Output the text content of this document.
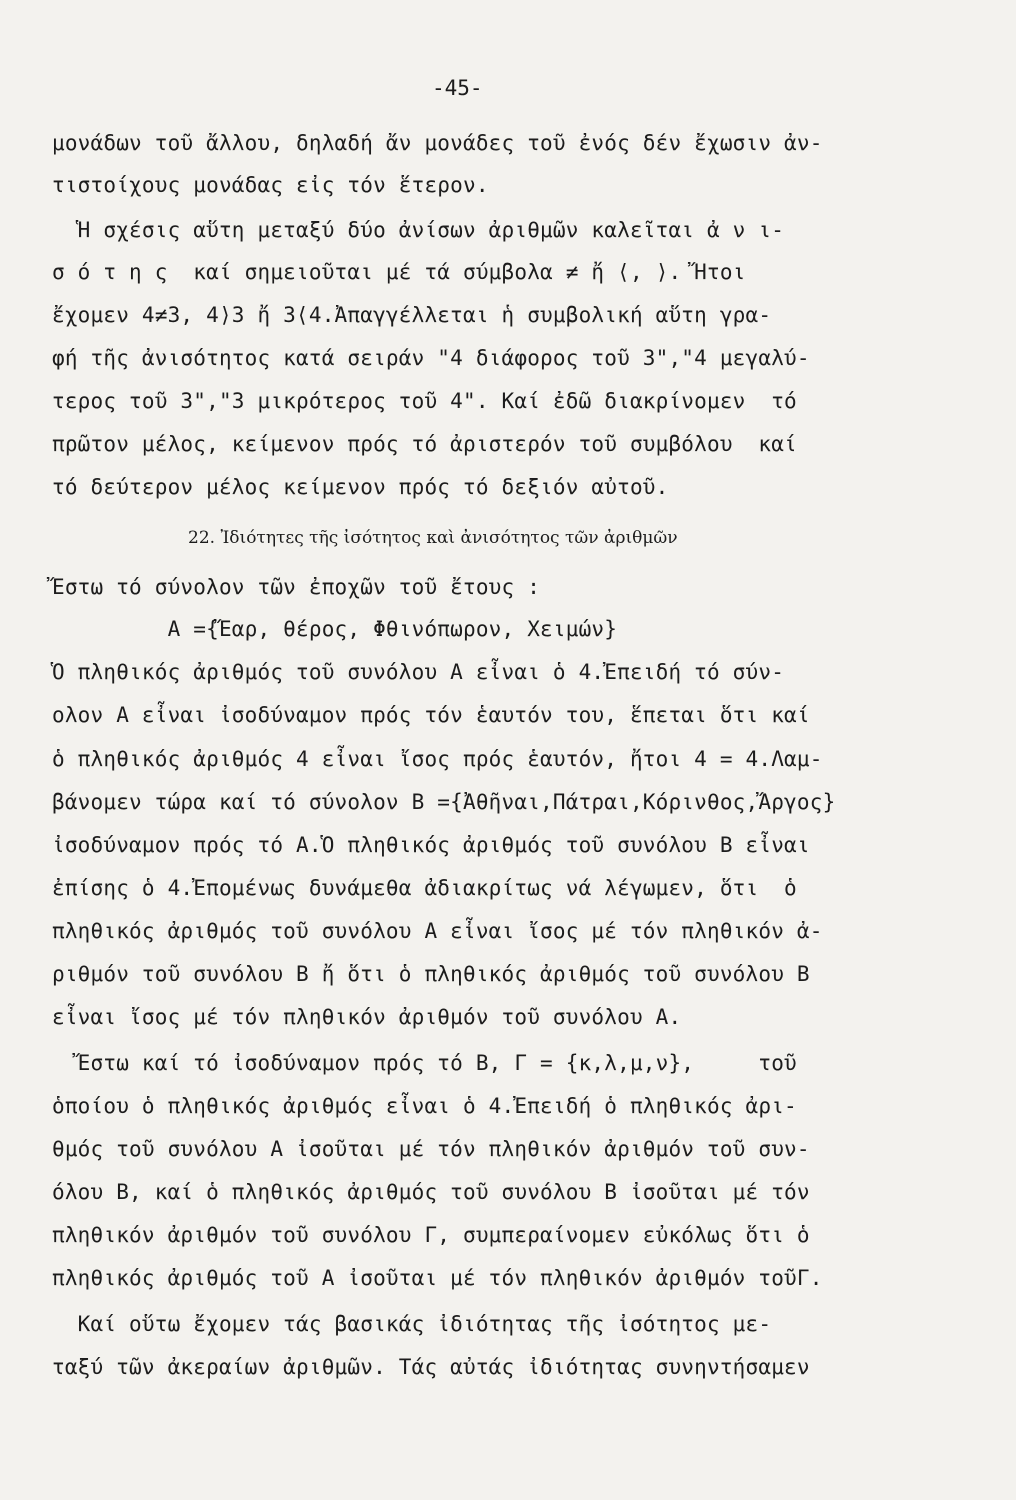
-45-
μονάδων τοῦ ἄλλου, δηλαδή ἄν μονάδες τοῦ ἐνός δέν ἔχωσιν ἀν-
τιστοίχους μονάδας εἰς τόν ἕτερον.
Ἡ σχέσις αὕτη μεταξύ δύο ἀνίσων ἀριθμῶν καλεῖται ἀ ν ι-
σ ό τ η ς  καί σημειοῦται μέ τά σύμβολα ≠ ἤ ⟨, ⟩. Ἤτοι
ἔχομεν 4≠3, 4⟩3 ἤ 3⟨4.Ἀπαγγέλλεται ἡ συμβολική αὕτη γρα-
φή τῆς ἀνισότητος κατά σειράν "4 διάφορος τοῦ 3","4 μεγαλύ-
τερος τοῦ 3","3 μικρότερος τοῦ 4". Καί ἐδῶ διακρίνομεν  τό
πρῶτον μέλος, κείμενον πρός τό ἀριστερόν τοῦ συμβόλου  καί
τό δεύτερον μέλος κείμενον πρός τό δεξιόν αὐτοῦ.
22. Ἰδιότητες τῆς ἰσότητος καὶ ἀνισότητος τῶν ἀριθμῶν
Ἔστω τό σύνολον τῶν ἐποχῶν τοῦ ἔτους :
Α ={Ἔαρ, θέρος, Φθινόπωρον, Χειμών}
Ὁ πληθικός ἀριθμός τοῦ συνόλου Α εἶναι ὁ 4.Ἐπειδή τό σύν-
ολον Α εἶναι ἰσοδύναμον πρός τόν ἑαυτόν του, ἕπεται ὅτι καί
ὁ πληθικός ἀριθμός 4 εἶναι ἴσος πρός ἑαυτόν, ἤτοι 4 = 4.Λαμ-
βάνομεν τώρα καί τό σύνολον Β ={Ἀθῆναι,Πάτραι,Κόρινθος,Ἄργος}
ἰσοδύναμον πρός τό Α.Ὁ πληθικός ἀριθμός τοῦ συνόλου Β εἶναι
ἐπίσης ὁ 4.Ἐπομένως δυνάμεθα ἀδιακρίτως νά λέγωμεν, ὅτι  ὁ
πληθικός ἀριθμός τοῦ συνόλου Α εἶναι ἴσος μέ τόν πληθικόν ἀ-
ριθμόν τοῦ συνόλου Β ἤ ὅτι ὁ πληθικός ἀριθμός τοῦ συνόλου Β
εἶναι ἴσος μέ τόν πληθικόν ἀριθμόν τοῦ συνόλου Α.
Ἔστω καί τό ἰσοδύναμον πρός τό Β, Γ = {κ,λ,μ,ν},     τοῦ
ὁποίου ὁ πληθικός ἀριθμός εἶναι ὁ 4.Ἐπειδή ὁ πληθικός ἀρι-
θμός τοῦ συνόλου Α ἰσοῦται μέ τόν πληθικόν ἀριθμόν τοῦ συν-
όλου Β, καί ὁ πληθικός ἀριθμός τοῦ συνόλου Β ἰσοῦται μέ τόν
πληθικόν ἀριθμόν τοῦ συνόλου Γ, συμπεραίνομεν εὐκόλως ὅτι ὁ
πληθικός ἀριθμός τοῦ Α ἰσοῦται μέ τόν πληθικόν ἀριθμόν τοῦΓ.
Καί οὕτω ἔχομεν τάς βασικάς ἰδιότητας τῆς ἰσότητος με-
ταξύ τῶν ἀκεραίων ἀριθμῶν. Τάς αὐτάς ἰδιότητας συνηντήσαμεν
